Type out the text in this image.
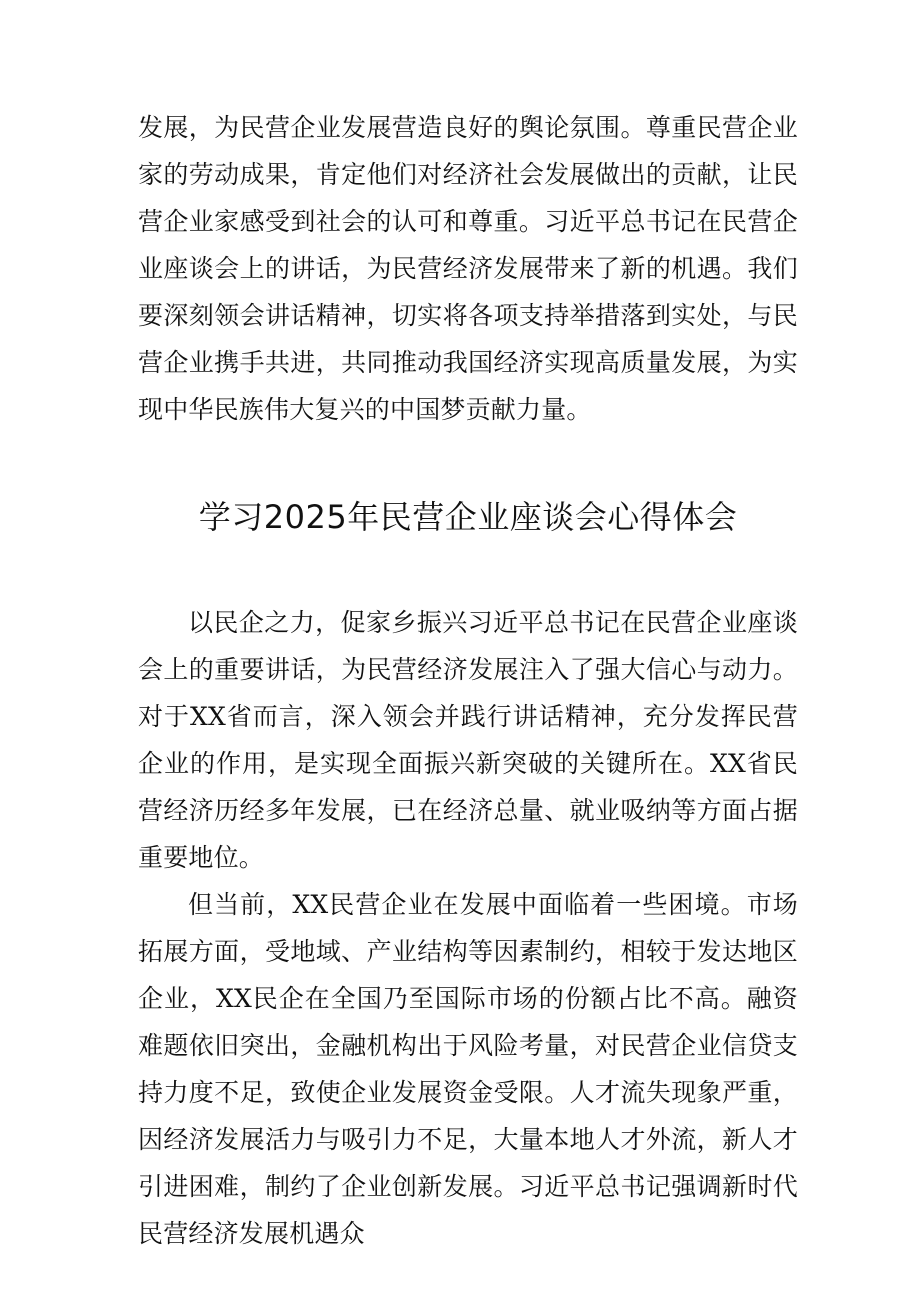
发展，为民营企业发展营造良好的舆论氛围。尊重民营企业家的劳动成果，肯定他们对经济社会发展做出的贡献，让民营企业家感受到社会的认可和尊重。习近平总书记在民营企业座谈会上的讲话，为民营经济发展带来了新的机遇。我们要深刻领会讲话精神，切实将各项支持举措落到实处，与民营企业携手共进，共同推动我国经济实现高质量发展，为实现中华民族伟大复兴的中国梦贡献力量。

学习2025年民营企业座谈会心得体会

以民企之力，促家乡振兴习近平总书记在民营企业座谈会上的重要讲话，为民营经济发展注入了强大信心与动力。对于XX省而言，深入领会并践行讲话精神，充分发挥民营企业的作用，是实现全面振兴新突破的关键所在。XX省民营经济历经多年发展，已在经济总量、就业吸纳等方面占据重要地位。

但当前，XX民营企业在发展中面临着一些困境。市场拓展方面，受地域、产业结构等因素制约，相较于发达地区企业，XX民企在全国乃至国际市场的份额占比不高。融资难题依旧突出，金融机构出于风险考量，对民营企业信贷支持力度不足，致使企业发展资金受限。人才流失现象严重，因经济发展活力与吸引力不足，大量本地人才外流，新人才引进困难，制约了企业创新发展。习近平总书记强调新时代民营经济发展机遇众
